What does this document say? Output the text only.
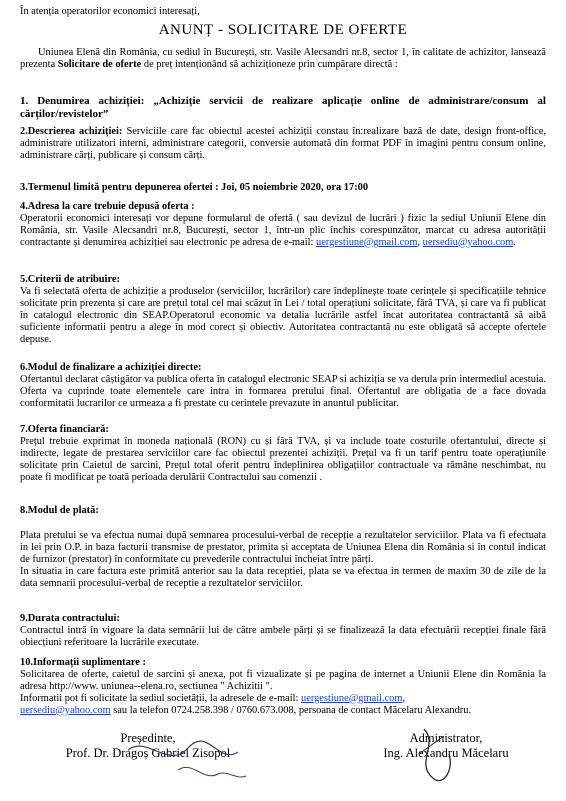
În atenția operatorilor economici interesați,
ANUNȚ - SOLICITARE DE OFERTE
Uniunea Elenă din România, cu sediul în București, str. Vasile Alecsandri nr.8, sector 1, în calitate de achizitor, lansează prezenta Solicitare de oferte de preț intenționând să achiziționeze prin cumpărare directă :
1. Denumirea achiziției: „Achiziție servicii de realizare aplicație online de administrare/consum al cărților/revistelor”
2.Descrierea achiziției: Serviciile care fac obiectul acestei achiziții constau în:realizare bază de date, design front-office, administrare utilizatori interni, administrare categorii, conversie automată din format PDF în imagini pentru consum online, administrare cărți, publicare și consum cărți.
3.Termenul limită pentru depunerea ofertei : Joi, 05 noiembrie 2020, ora 17:00
4.Adresa la care trebuie depusă oferta :
Operatorii economici interesați vor depune formularul de ofertă ( sau devizul de lucrări ) fizic la sediul Uniunii Elene din România, str. Vasile Alecsandri nr.8, București, sector 1, într-un plic închis corespunzător, marcat cu adresa autorității contractante și denumirea achiziției sau electronic pe adresa de e-mail: uergestiune@gmail.com, uersediu@yahoo.com.
5.Criterii de atribuire:
Va fi selectată oferta de achiziție a produselor (serviciilor, lucrărilor) care îndeplinește toate cerințele și specificațiile tehnice solicitate prin prezenta și care are prețul total cel mai scăzut în Lei / total operațiuni solicitate, fără TVA, și care va fi publicat în catalogul electronic din SEAP.Operatorul economic va detalia lucrările astfel încat autoritatea contractantă să aibă suficiente informatii pentru a alege în mod corect și obiectiv. Autoritatea contractantă nu este obligată să accepte ofertele depuse.
6.Modul de finalizare a achiziției directe:
Ofertantul declarat câștigător va publica oferta în catalogul electronic SEAP si achiziția se va derula prin intermediul acestuia. Oferta va cuprinde toate elementele care intra in formarea pretului final. Ofertantul are obligatia de a face dovada conformitatii lucrarilor ce urmeaza a fi prestate cu cerintele prevazute in anuntul publicitar.
7.Oferta financiară:
Prețul trebuie exprimat în moneda națională (RON) cu și fără TVA, și va include toate costurile ofertantului, directe și indirecte, legate de prestarea serviciilor care fac obiectul prezentei achiziții. Prețul va fi un tarif pentru toate operațiunile solicitate prin Caietul de sarcini, Prețul total oferit pentru îndeplinirea obligațiilor contractuale va rămâne neschimbat, nu poate fi modificat pe toată perioada derulării Contractului sau comenzii .
8.Modul de plată:
Plata pretului se va efectua numai după semnarea procesului-verbal de recepție a rezultatelor serviciilor. Plata va fi efectuata in lei prin O.P. in baza facturii transmise de prestator, primita și acceptata de Uniunea Elena din România si în contul indicat de furnizor (prestator) în conformitate cu prevederile contractului încheiat între părți.
In situatia in care factura este primită anterior sau la data receptiei, plata se va efectua in termen de maxim 30 de zile de la data semnarii procesului-verbal de receptie a rezultatelor serviciilor.
9.Durata contractului:
Contractul intră în vigoare la data semnării lui de către ambele părți și se finalizează la data efectuării recepției finale fără obiecțiuni referitoare la lucrările executate.
10.Informații suplimentare :
Solicitarea de oferte, caietul de sarcini și anexa, pot fi vizualizate și pe pagina de internet a Uniunii Elene din România la adresa http://www. uniunea--elena.ro, sectiunea " Achizitii ".
Informatii pot fi solicitate la sediul societății, la adresele de e-mail: uergestiune@gmail.com,
uersediu@yahoo.com sau la telefon 0724.258.398 / 0760.673.008, persoana de contact Măcelaru Alexandru.
Președinte,
Prof. Dr. Dragoș Gabriel Zisopol
Administrator,
Ing. Alexandru Măcelaru
